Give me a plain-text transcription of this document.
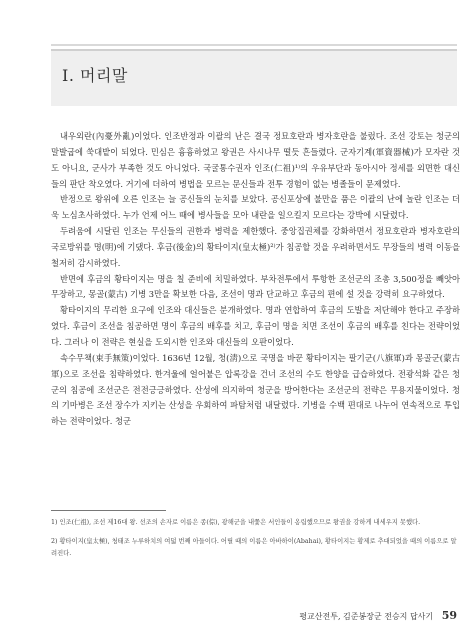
Ⅰ. 머리말

내우외란(內憂外亂)이었다. 인조반정과 이괄의 난은 결국 정묘호란과 병자호란을 불렀다. 조선 강토는 청군의 말발굽에 쑥대밭이 되었다. 민심은 흉흉하였고 왕권은 사시나무 떨듯 흔들렸다. 군자기계(軍資器械)가 모자란 것도 아니요, 군사가 부족한 것도 아니었다. 국굴통수권자 인조(仁祖)¹⁾의 우유부단과 동아시아 정세를 외면한 대신들의 판단 착오였다. 거기에 더하여 병법을 모르는 문신들과 전투 경험이 없는 병졸들이 문제였다.

반정으로 왕위에 오른 인조는 늘 공신들의 눈치를 보았다. 공신포상에 불만을 품은 이괄의 난에 놀란 인조는 더욱 노심초사하였다. 누가 언제 어느 때에 병사들을 모아 내란을 일으킬지 모르다는 강박에 시달렸다.

두려움에 시달린 인조는 무신들의 권한과 병력을 제한했다. 중앙집권체를 강화하면서 정묘호란과 병자호란의 국로방위를 명(明)에 기댔다. 후금(後金)의 황타이지(皇太極)²⁾가 침공할 것을 우려하면서도 무장들의 병력 이동을 철저히 감시하였다.

반면에 후금의 황타이지는 명을 칠 준비에 치밀하였다. 부차전투에서 투항한 조선군의 조총 3,500정을 빼앗아 무장하고, 몽골(蒙古) 기병 3만을 확보한 다음, 조선이 명과 단교하고 후금의 편에 설 것을 강력히 요구하였다.

황타이지의 무리한 요구에 인조와 대신들은 분개하였다. 명과 연합하여 후금의 도발을 저단해야 한다고 주장하였다. 후금이 조선을 침공하면 명이 후금의 배후를 치고, 후금이 명을 치면 조선이 후금의 배후를 친다는 전략이었다. 그러나 이 전략은 현실을 도외시한 인조와 대신들의 오판이었다.

속수무책(束手無策)이었다. 1636년 12월, 청(淸)으로 국명을 바꾼 황타이지는 팔기군(八旗軍)과 몽골군(蒙古軍)으로 조선을 침략하였다. 한겨울에 얼어붙은 압록강을 건너 조선의 수도 한양을 급습하였다. 전광석화 같은 청군의 침공에 조선군은 전전긍긍하였다. 산성에 의지하여 청군을 방어한다는 조선군의 전략은 무용지물이었다. 청의 기마병은 조선 장수가 지키는 산성을 우회하여 파탐처럼 내달렸다. 기병을 수백 편대로 나누어 연속적으로 투입하는 전략이었다. 청군

1) 인조(仁祖), 조선 제16대 왕. 선조의 손자로 이름은 종(倧), 광해군을 내쫓은 서인들이 옹립했으므로 왕권을 강하게 내세우지 못했다.
2) 황타이지(皇太極), 청태조 누루하치의 여덟 번째 아들이다. 어릴 때의 이름은 아바하이(Abahai), 황타이지는 황제로 추대되었을 때의 이름으로 알려진다.
평교산전투, 김준봉장군 전승지 답사기 59
